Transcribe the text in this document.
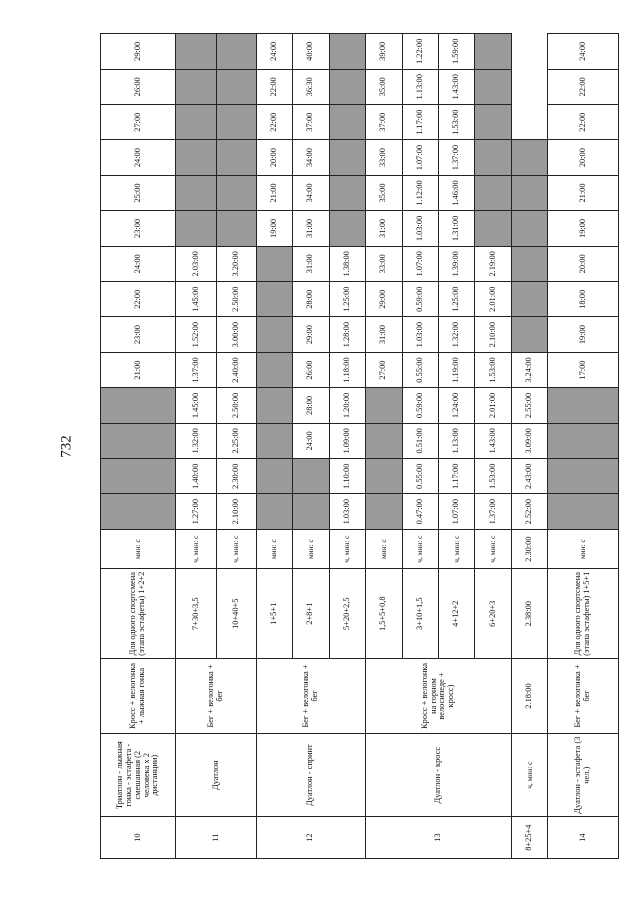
732
10	Триатлон - лыжная гонка - эстафета - смешанная (2 человека х 2 дистанции)	Кросс + велогонка + лыжная гонка	Для одного спортсмена (этапа эстафеты) 1+2+2	мин: с					21:00	23:00	22:00	24:00	23:00	25:00	24:00	27:00	26:00	29:00
11	Дуатлон	Бег + велогонка + бег	7+30+3,5	ч, мин: с	1.27:00	1.40:00	1.32:00	1.45:00	1.37:00	1.52:00	1.45:00	2.03:00						
			10+40+5	ч, мин: с	2.10:00	2.30:00	2.25:00	2.50:00	2.40:00	3.00:00	2.50:00	3.20:00						
12	Дуатлон - спринт	Бег + велогонка + бег	1+5+1	мин: с									19:00	21:00	20:00	22:00	22:00	24:00
			2+8+1	мин: с			24:00	28:00	26:00	29:00	28:00	31:00	31:00	34:00	34:00	37:00	36:30	40:00
			5+20+2,5	ч, мин: с	1.03:00	1.10:00	1.09:00	1.20:00	1.18:00	1.28:00	1.25:00	1.38:00						
13	Дуатлон - кросс	Кросс + велогонка на горном велосипеде + кросс)	1,5+5+0,8	мин: с					27:00	31:00	29:00	33:00	31:00	35:00	33:00	37:00	35:00	39:00
			3+10+1,5	ч, мин: с	0.47:00	0.55:00	0.51:00	0.59:00	0.55:00	1.03:00	0.59:00	1.07:00	1.03:00	1.12:00	1.07:00	1.17:00	1.13:00	1.22:00
			4+12+2	ч, мин: с	1.07:00	1.17:00	1.13:00	1.24:00	1.19:00	1.32:00	1.25:00	1.39:00	1.31:00	1.46:00	1.37:00	1.53:00	1.43:00	1.59:00
			6+20+3	ч, мин: с	1.37:00	1.53:00	1.43:00	2.01:00	1.53:00	2.10:00	2.01:00	2.19:00						
8+25+4	ч, мин: с	2.18:00	2.38:00	2.30:00	2.52:00	2.43:00	3.09:00	2.55:00	3.24:00									
14	Дуатлон - эстафета (3 чел.)	Бег + велогонка + бег	Для одного спортсмена (этапа эстафеты) 1+5+1	мин: с					17:00	19:00	18:00	20:00	19:00	21:00	20:00	22:00	22:00	24:00
